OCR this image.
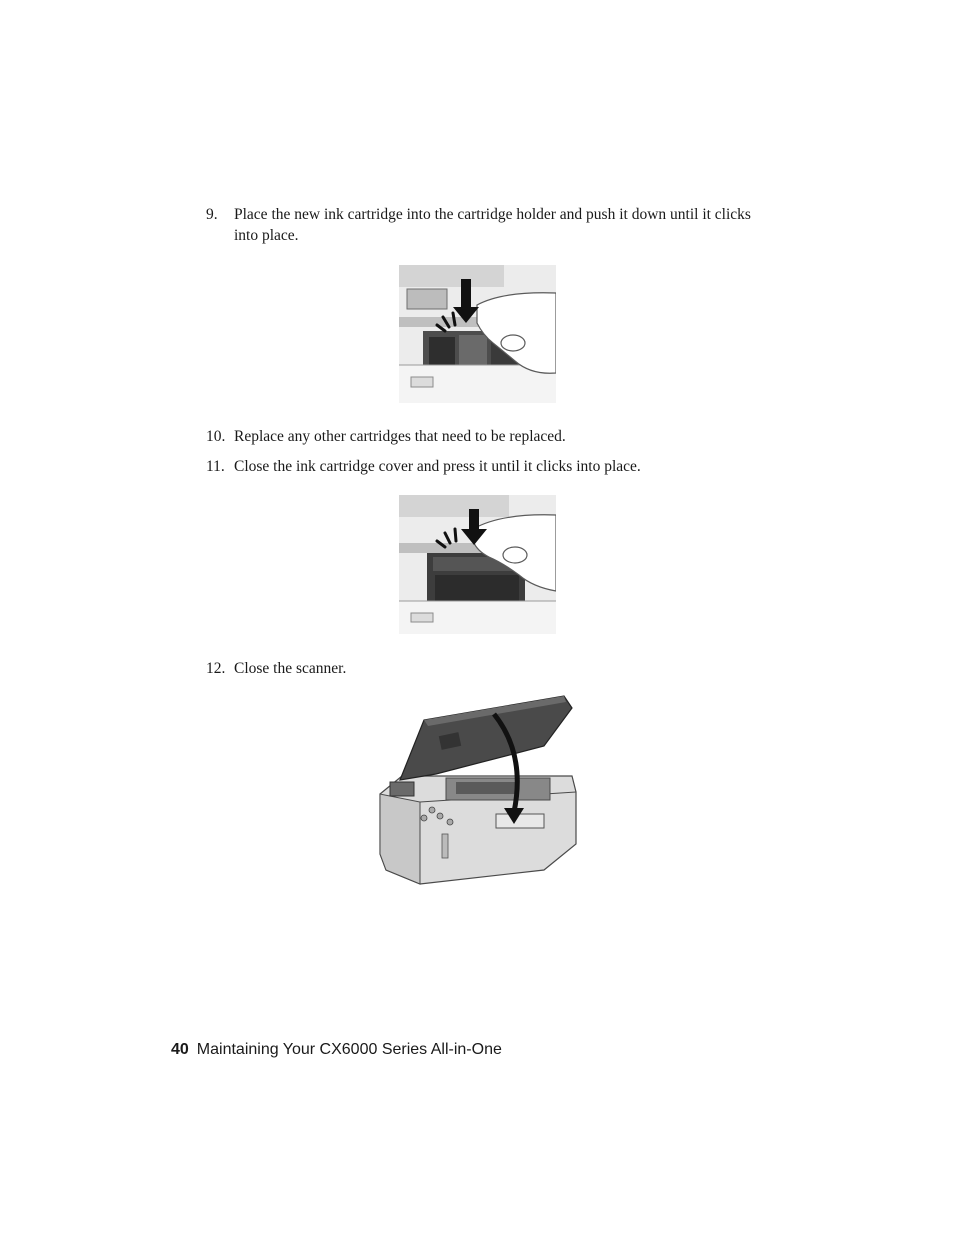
9. Place the new ink cartridge into the cartridge holder and push it down until it clicks into place.
10. Replace any other cartridges that need to be replaced.
11. Close the ink cartridge cover and press it until it clicks into place.
12. Close the scanner.
40 Maintaining Your CX6000 Series All-in-One
